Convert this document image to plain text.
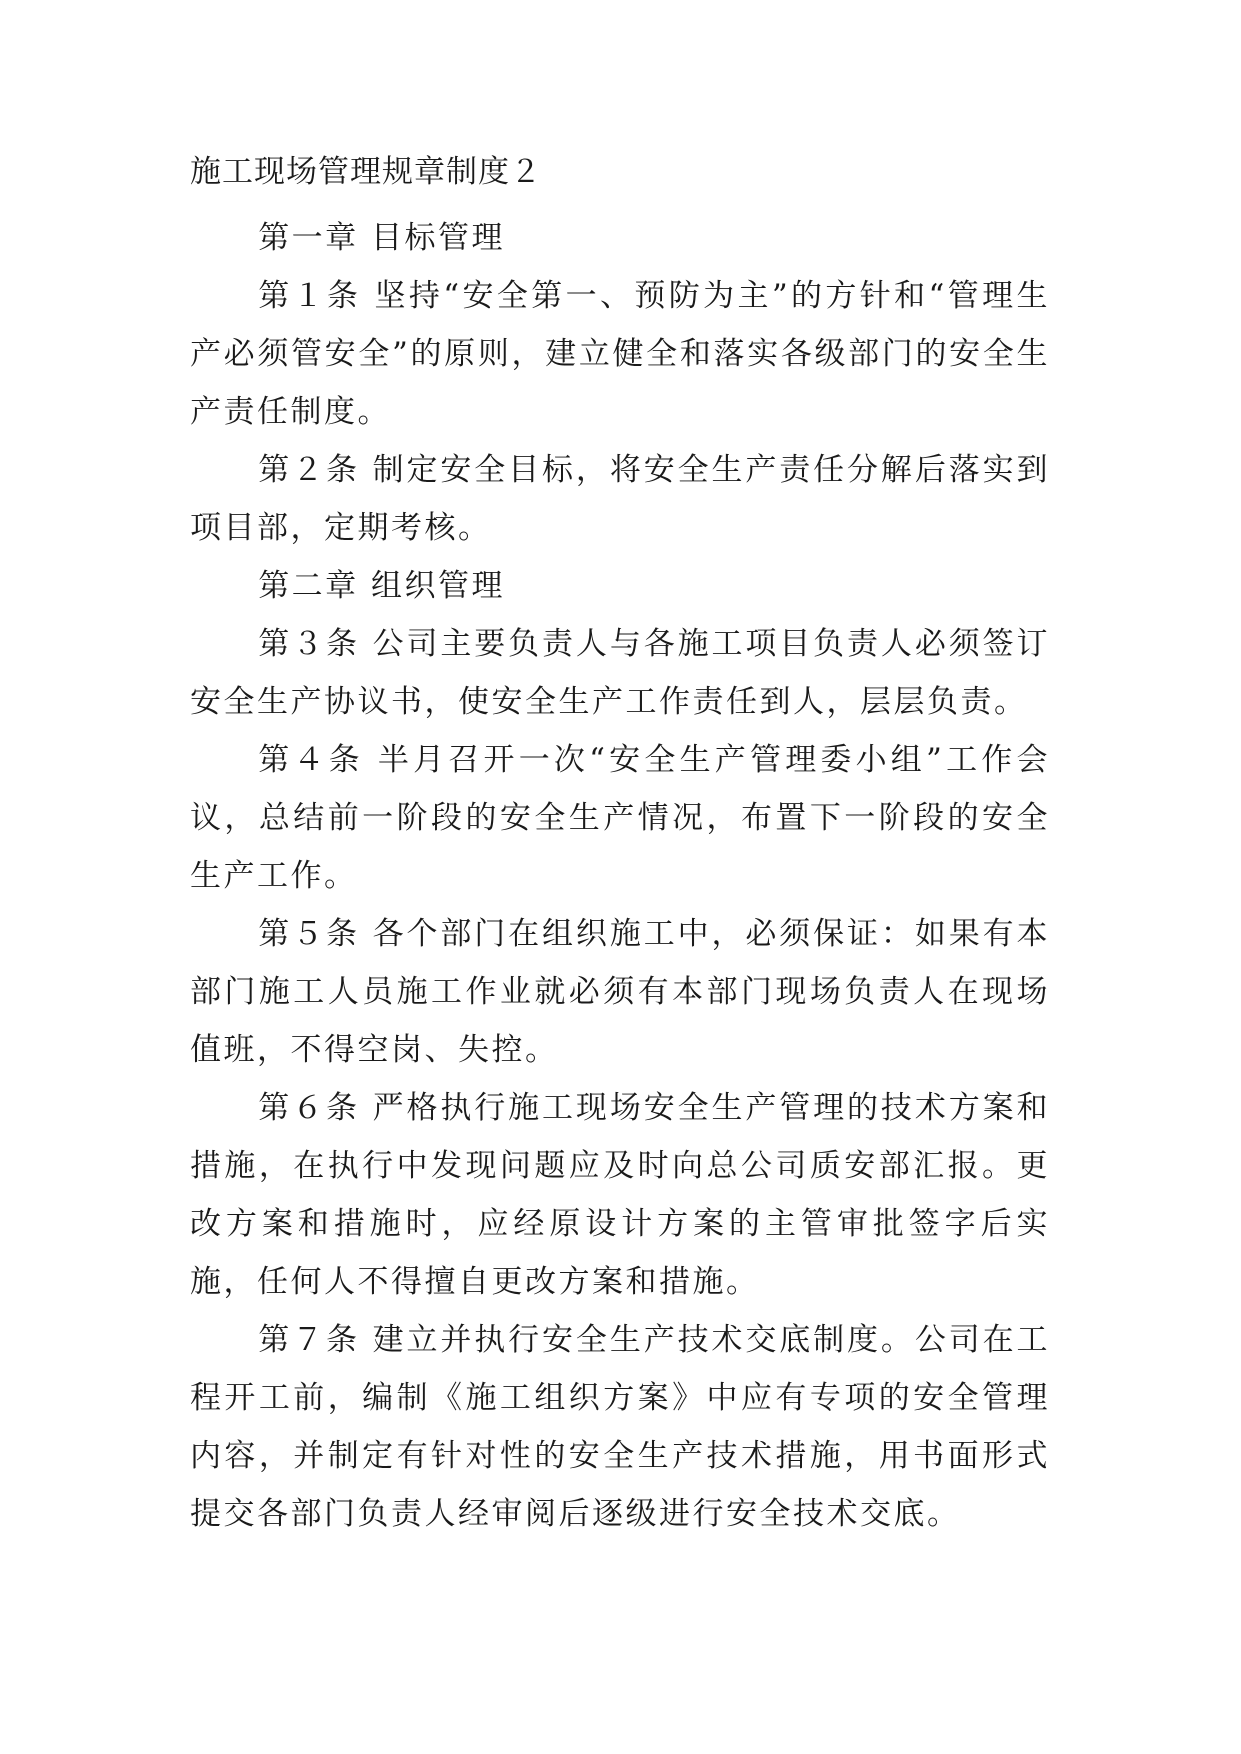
施工现场管理规章制度２

第一章 目标管理

第１条 坚持“安全第一、预防为主”的方针和“管理生产必须管安全”的原则，建立健全和落实各级部门的安全生产责任制度。

第２条 制定安全目标，将安全生产责任分解后落实到项目部，定期考核。

第二章 组织管理

第３条 公司主要负责人与各施工项目负责人必须签订安全生产协议书，使安全生产工作责任到人，层层负责。

第４条 半月召开一次“安全生产管理委小组”工作会议，总结前一阶段的安全生产情况，布置下一阶段的安全生产工作。

第５条 各个部门在组织施工中，必须保证：如果有本部门施工人员施工作业就必须有本部门现场负责人在现场值班，不得空岗、失控。

第６条 严格执行施工现场安全生产管理的技术方案和措施，在执行中发现问题应及时向总公司质安部汇报。更改方案和措施时，应经原设计方案的主管审批签字后实施，任何人不得擅自更改方案和措施。

第７条 建立并执行安全生产技术交底制度。公司在工程开工前，编制《施工组织方案》中应有专项的安全管理内容，并制定有针对性的安全生产技术措施，用书面形式提交各部门负责人经审阅后逐级进行安全技术交底。
